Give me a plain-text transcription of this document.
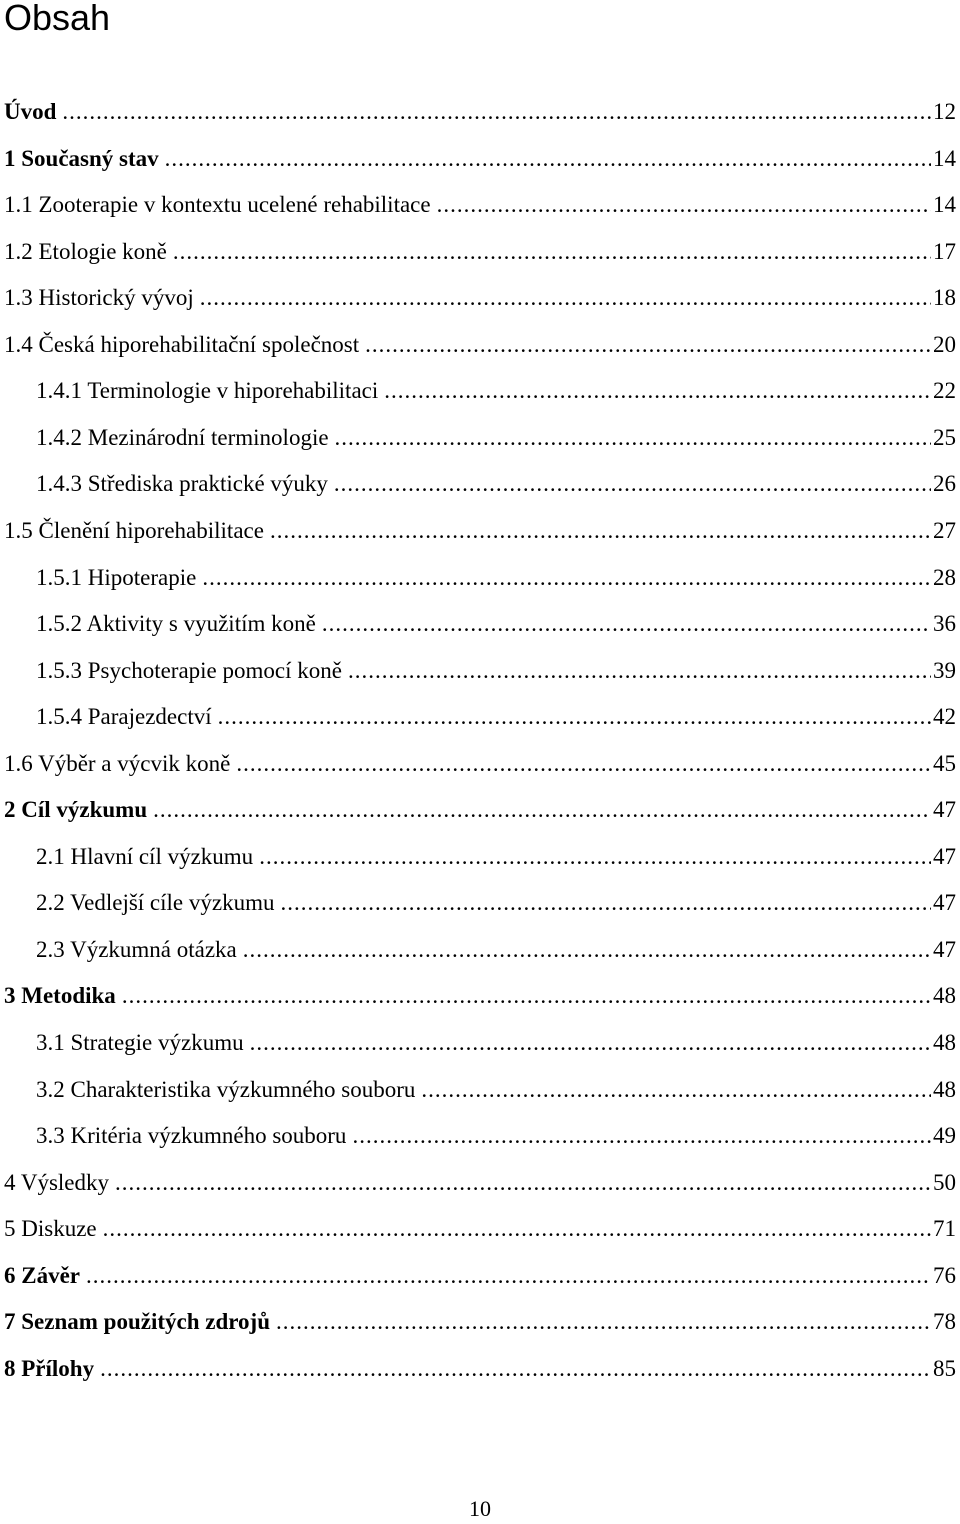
Obsah
Úvod .....	12
1 Současný stav .....	14
1.1 Zooterapie v kontextu ucelené rehabilitace .....	14
1.2 Etologie koně .....	17
1.3 Historický vývoj .....	18
1.4 Česká hiporehabilitační společnost .....	20
1.4.1 Terminologie v hiporehabilitaci .....	22
1.4.2 Mezinárodní terminologie .....	25
1.4.3 Střediska praktické výuky .....	26
1.5 Členění hiporehabilitace .....	27
1.5.1 Hipoterapie .....	28
1.5.2 Aktivity s využitím koně .....	36
1.5.3 Psychoterapie pomocí koně .....	39
1.5.4 Parajezdectví .....	42
1.6 Výběr a výcvik koně .....	45
2 Cíl výzkumu .....	47
2.1 Hlavní cíl výzkumu .....	47
2.2 Vedlejší cíle výzkumu .....	47
2.3 Výzkumná otázka .....	47
3 Metodika .....	48
3.1 Strategie výzkumu .....	48
3.2 Charakteristika výzkumného souboru .....	48
3.3 Kritéria výzkumného souboru .....	49
4 Výsledky .....	50
5 Diskuze .....	71
6 Závěr .....	76
7 Seznam použitých zdrojů .....	78
8 Přílohy .....	85
10
